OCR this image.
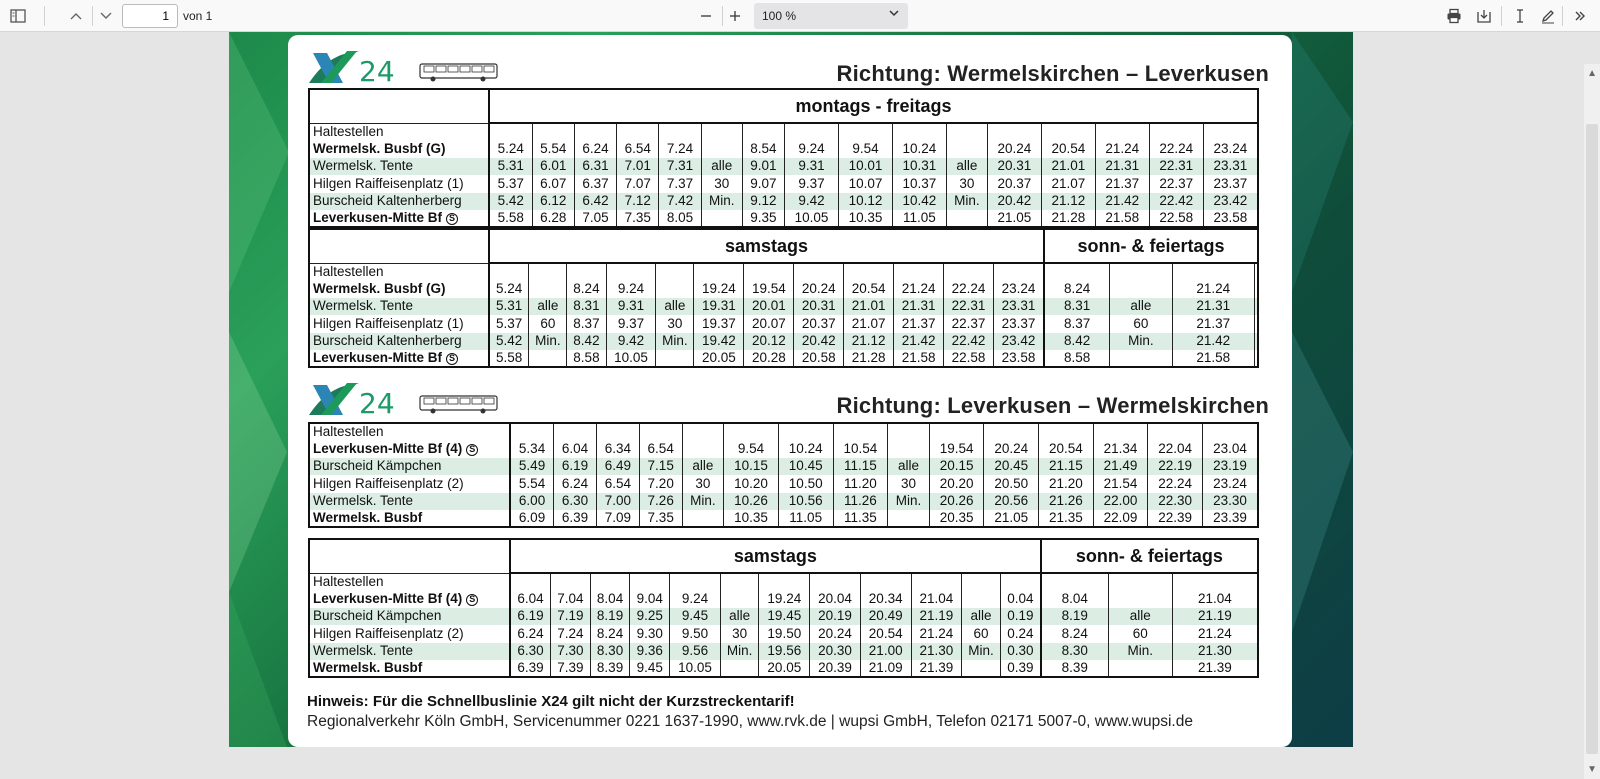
1
von 1	100 %
24	Richtung: Wermelskirchen – Leverkusen
	montags - freitags															
Haltestellen																
Wermelsk. Busbf (G)	5.24	5.54	6.24	6.54	7.24		8.54	9.24	9.54	10.24		20.24	20.54	21.24	22.24	23.24
Wermelsk. Tente	5.31	6.01	6.31	7.01	7.31	alle	9.01	9.31	10.01	10.31	alle	20.31	21.01	21.31	22.31	23.31
Hilgen Raiffeisenplatz (1)	5.37	6.07	6.37	7.07	7.37	30	9.07	9.37	10.07	10.37	30	20.37	21.07	21.37	22.37	23.37
Burscheid Kaltenherberg	5.42	6.12	6.42	7.12	7.42	Min.	9.12	9.42	10.12	10.42	Min.	20.42	21.12	21.42	22.42	23.42
Leverkusen-Mitte Bf S	5.58	6.28	7.05	7.35	8.05		9.35	10.05	10.35	11.05		21.05	21.28	21.58	22.58	23.58
	samstags												sonn- & feiertags			
Haltestellen																
Wermelsk. Busbf (G)	5.24		8.24	9.24		19.24	19.54	20.24	20.54	21.24	22.24	23.24	8.24		21.24	
Wermelsk. Tente	5.31	alle	8.31	9.31	alle	19.31	20.01	20.31	21.01	21.31	22.31	23.31	8.31	alle	21.31	
Hilgen Raiffeisenplatz (1)	5.37	60	8.37	9.37	30	19.37	20.07	20.37	21.07	21.37	22.37	23.37	8.37	60	21.37	
Burscheid Kaltenherberg	5.42	Min.	8.42	9.42	Min.	19.42	20.12	20.42	21.12	21.42	22.42	23.42	8.42	Min.	21.42	
Leverkusen-Mitte Bf S	5.58		8.58	10.05		20.05	20.28	20.58	21.28	21.58	22.58	23.58	8.58		21.58	
24	Richtung: Leverkusen – Wermelskirchen
Haltestellen															
Leverkusen-Mitte Bf (4) S	5.34	6.04	6.34	6.54		9.54	10.24	10.54		19.54	20.24	20.54	21.34	22.04	23.04
Burscheid Kämpchen	5.49	6.19	6.49	7.15	alle	10.15	10.45	11.15	alle	20.15	20.45	21.15	21.49	22.19	23.19
Hilgen Raiffeisenplatz (2)	5.54	6.24	6.54	7.20	30	10.20	10.50	11.20	30	20.20	20.50	21.20	21.54	22.24	23.24
Wermelsk. Tente	6.00	6.30	7.00	7.26	Min.	10.26	10.56	11.26	Min.	20.26	20.56	21.26	22.00	22.30	23.30
Wermelsk. Busbf	6.09	6.39	7.09	7.35		10.35	11.05	11.35		20.35	21.05	21.35	22.09	22.39	23.39
	samstags												sonn- & feiertags		
Haltestellen															
Leverkusen-Mitte Bf (4) S	6.04	7.04	8.04	9.04	9.24		19.24	20.04	20.34	21.04		0.04	8.04		21.04
Burscheid Kämpchen	6.19	7.19	8.19	9.25	9.45	alle	19.45	20.19	20.49	21.19	alle	0.19	8.19	alle	21.19
Hilgen Raiffeisenplatz (2)	6.24	7.24	8.24	9.30	9.50	30	19.50	20.24	20.54	21.24	60	0.24	8.24	60	21.24
Wermelsk. Tente	6.30	7.30	8.30	9.36	9.56	Min.	19.56	20.30	21.00	21.30	Min.	0.30	8.30	Min.	21.30
Wermelsk. Busbf	6.39	7.39	8.39	9.45	10.05		20.05	20.39	21.09	21.39		0.39	8.39		21.39
Hinweis: Für die Schnellbuslinie X24 gilt nicht der Kurzstreckentarif!
Regionalverkehr Köln GmbH, Servicenummer 0221 1637-1990, www.rvk.de | wupsi GmbH, Telefon 02171 5007-0, www.wupsi.de
▲
▼
